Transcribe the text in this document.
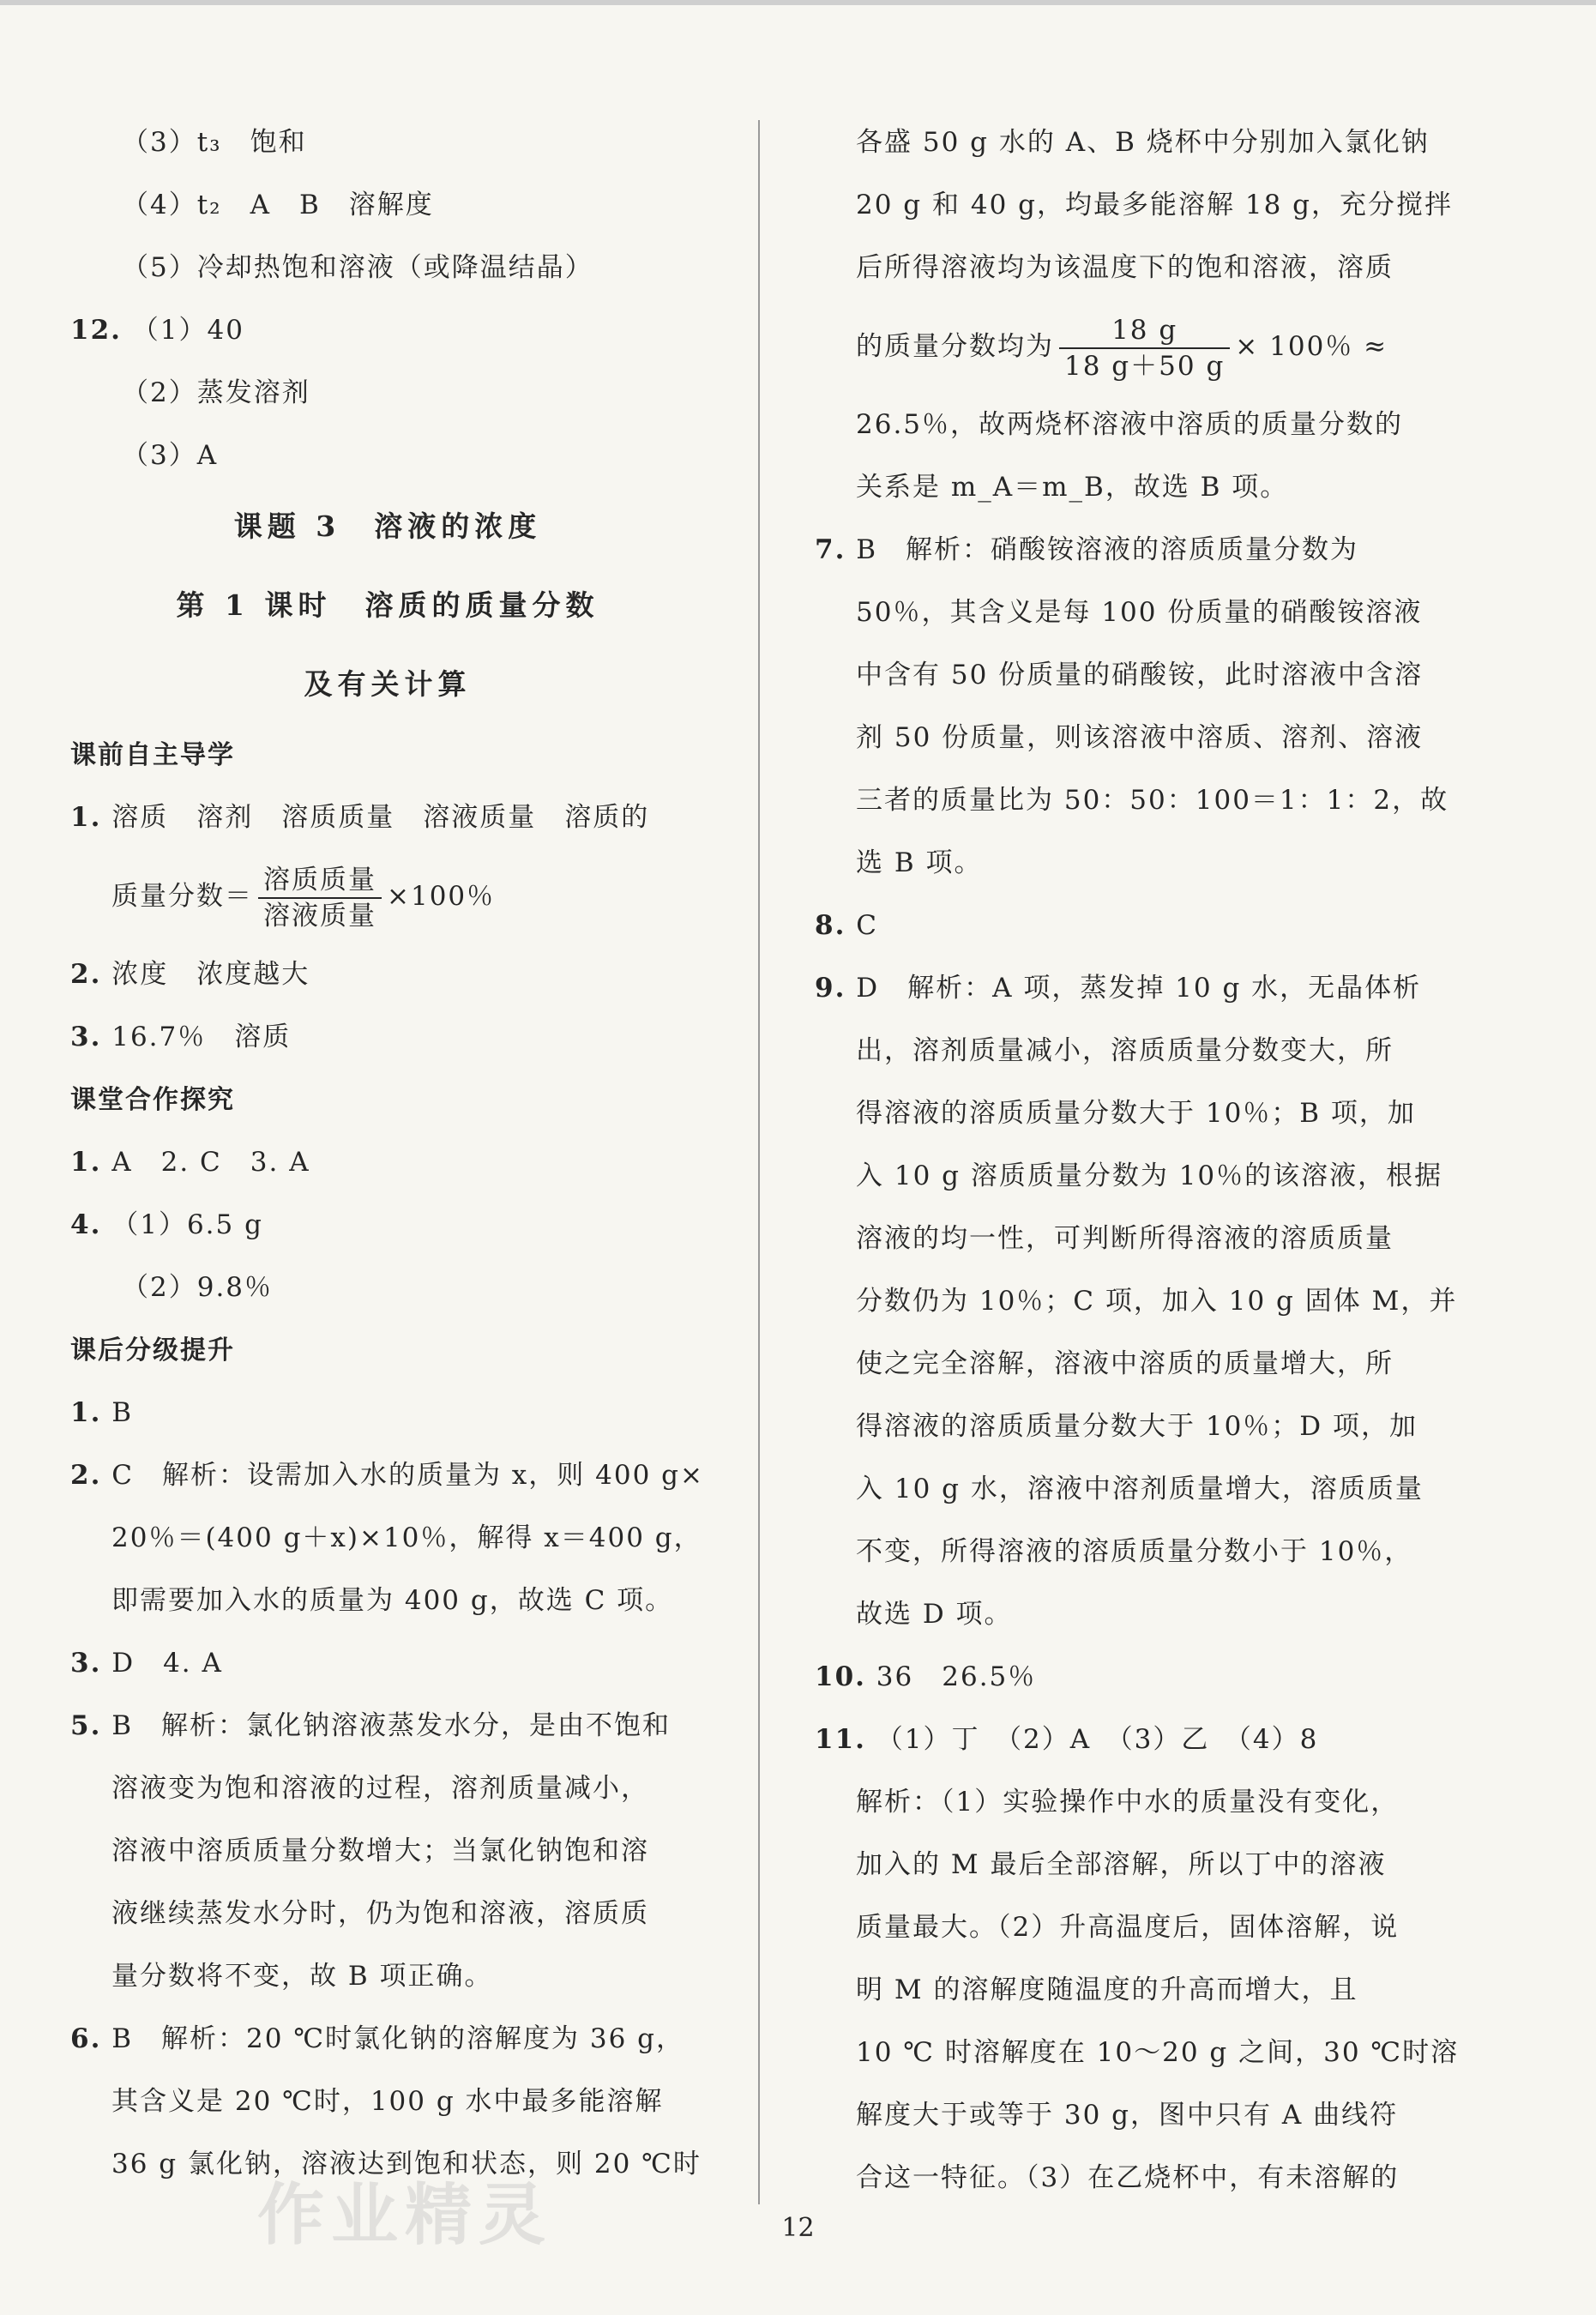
（3）t₃　饱和
（4）t₂　A　B　溶解度
（5）冷却热饱和溶液（或降温结晶）
12. （1）40
（2）蒸发溶剂
（3）A
课题 3　溶液的浓度
第 1 课时　溶质的质量分数
及有关计算
课前自主导学
1. 溶质　溶剂　溶质质量　溶液质量　溶质的
质量分数＝ $\frac{\text{溶质质量}}{\text{溶液质量}} \times 100$％
2. 浓度　浓度越大
3. 16.7％　溶质
课堂合作探究
1. A　2. C　3. A
4. （1）6.5 g
（2）9.8％
课后分级提升
1. B
2. C　解析：设需加入水的质量为 x，则 400 g×
20％＝(400 g＋x)×10％，解得 x＝400 g，
即需要加入水的质量为 400 g，故选 C 项。
3. D　4. A
5. B　解析：氯化钠溶液蒸发水分，是由不饱和
溶液变为饱和溶液的过程，溶剂质量减小，
溶液中溶质质量分数增大；当氯化钠饱和溶
液继续蒸发水分时，仍为饱和溶液，溶质质
量分数将不变，故 B 项正确。
6. B　解析：20 ℃时氯化钠的溶解度为 36 g，
其含义是 20 ℃时，100 g 水中最多能溶解
36 g 氯化钠，溶液达到饱和状态，则 20 ℃时
各盛 50 g 水的 A、B 烧杯中分别加入氯化钠
20 g 和 40 g，均最多能溶解 18 g，充分搅拌
后所得溶液均为该温度下的饱和溶液，溶质
的质量分数均为 $\frac{18 g}{18 g+50 g} \times 100$％ ≈
26.5％，故两烧杯溶液中溶质的质量分数的
关系是 m_A＝m_B，故选 B 项。
7. B　解析：硝酸铵溶液的溶质质量分数为
50％，其含义是每 100 份质量的硝酸铵溶液
中含有 50 份质量的硝酸铵，此时溶液中含溶
剂 50 份质量，则该溶液中溶质、溶剂、溶液
三者的质量比为 50：50：100＝1：1：2，故
选 B 项。
8. C
9. D　解析：A 项，蒸发掉 10 g 水，无晶体析
出，溶剂质量减小，溶质质量分数变大，所
得溶液的溶质质量分数大于 10％；B 项，加
入 10 g 溶质质量分数为 10％的该溶液，根据
溶液的均一性，可判断所得溶液的溶质质量
分数仍为 10％；C 项，加入 10 g 固体 M，并
使之完全溶解，溶液中溶质的质量增大，所
得溶液的溶质质量分数大于 10％；D 项，加
入 10 g 水，溶液中溶剂质量增大，溶质质量
不变，所得溶液的溶质质量分数小于 10％，
故选 D 项。
10. 36　26.5％
11. （1）丁　（2）A　（3）乙　（4）8
解析：（1）实验操作中水的质量没有变化，
加入的 M 最后全部溶解，所以丁中的溶液
质量最大。（2）升高温度后，固体溶解，说
明 M 的溶解度随温度的升高而增大，且
10 ℃ 时溶解度在 10～20 g 之间，30 ℃时溶
解度大于或等于 30 g，图中只有 A 曲线符
合这一特征。（3）在乙烧杯中，有未溶解的
作业精灵	12
